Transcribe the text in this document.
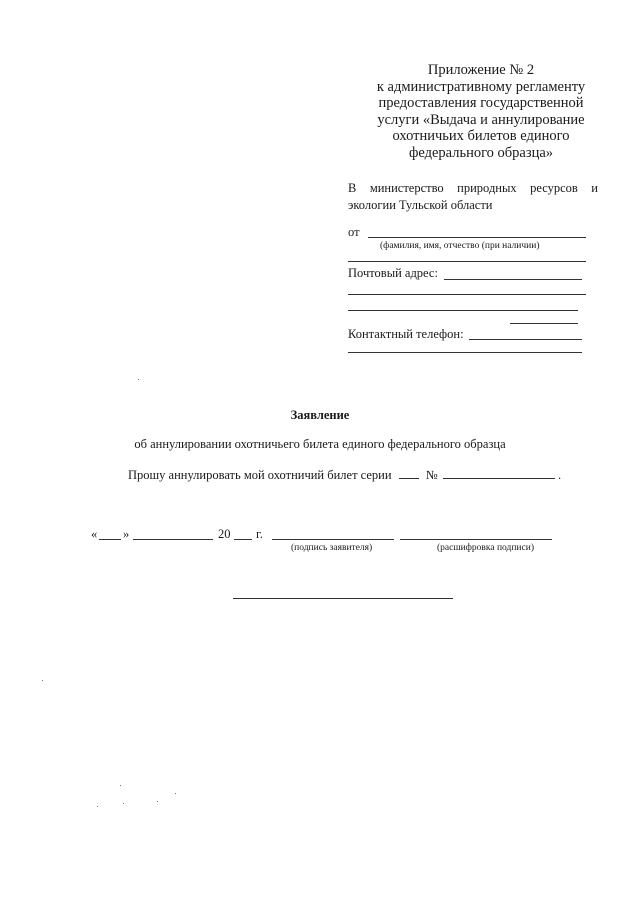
Приложение № 2
к административному регламенту
предоставления государственной
услуги «Выдача и аннулирование
охотничьих билетов единого
федерального образца»
В министерство природных ресурсов и экологии Тульской области
от
(фамилия, имя, отчество (при наличии)
Почтовый адрес:
Контактный телефон:
Заявление
об аннулировании охотничьего билета единого федерального образца
Прошу аннулировать мой охотничий билет серии	№	.
« »	20 г.
(подпись заявителя)	(расшифровка подписи)
